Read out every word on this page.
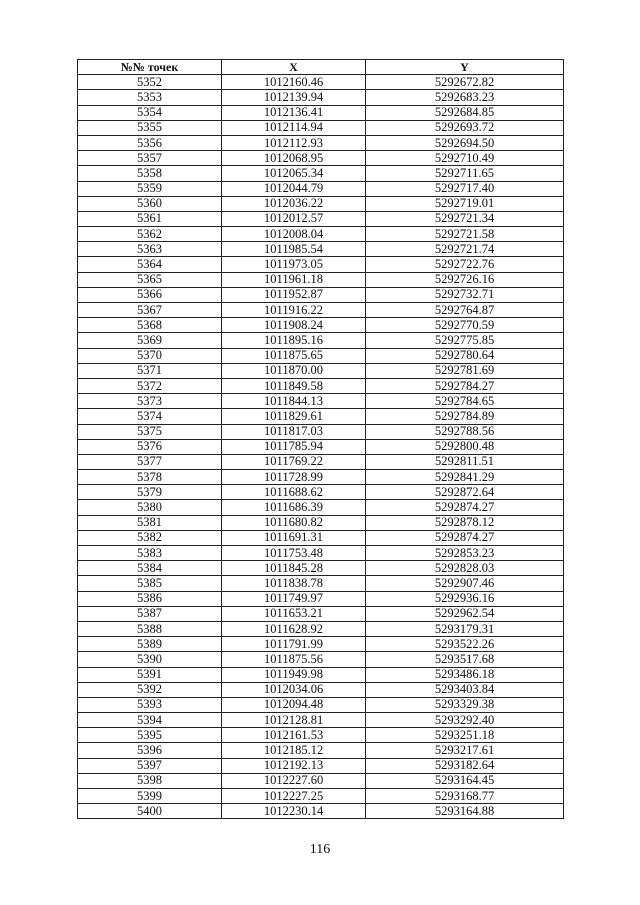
№№ точек	X	Y
5352	1012160.46	5292672.82
5353	1012139.94	5292683.23
5354	1012136.41	5292684.85
5355	1012114.94	5292693.72
5356	1012112.93	5292694.50
5357	1012068.95	5292710.49
5358	1012065.34	5292711.65
5359	1012044.79	5292717.40
5360	1012036.22	5292719.01
5361	1012012.57	5292721.34
5362	1012008.04	5292721.58
5363	1011985.54	5292721.74
5364	1011973.05	5292722.76
5365	1011961.18	5292726.16
5366	1011952.87	5292732.71
5367	1011916.22	5292764.87
5368	1011908.24	5292770.59
5369	1011895.16	5292775.85
5370	1011875.65	5292780.64
5371	1011870.00	5292781.69
5372	1011849.58	5292784.27
5373	1011844.13	5292784.65
5374	1011829.61	5292784.89
5375	1011817.03	5292788.56
5376	1011785.94	5292800.48
5377	1011769.22	5292811.51
5378	1011728.99	5292841.29
5379	1011688.62	5292872.64
5380	1011686.39	5292874.27
5381	1011680.82	5292878.12
5382	1011691.31	5292874.27
5383	1011753.48	5292853.23
5384	1011845.28	5292828.03
5385	1011838.78	5292907.46
5386	1011749.97	5292936.16
5387	1011653.21	5292962.54
5388	1011628.92	5293179.31
5389	1011791.99	5293522.26
5390	1011875.56	5293517.68
5391	1011949.98	5293486.18
5392	1012034.06	5293403.84
5393	1012094.48	5293329.38
5394	1012128.81	5293292.40
5395	1012161.53	5293251.18
5396	1012185.12	5293217.61
5397	1012192.13	5293182.64
5398	1012227.60	5293164.45
5399	1012227.25	5293168.77
5400	1012230.14	5293164.88
116
